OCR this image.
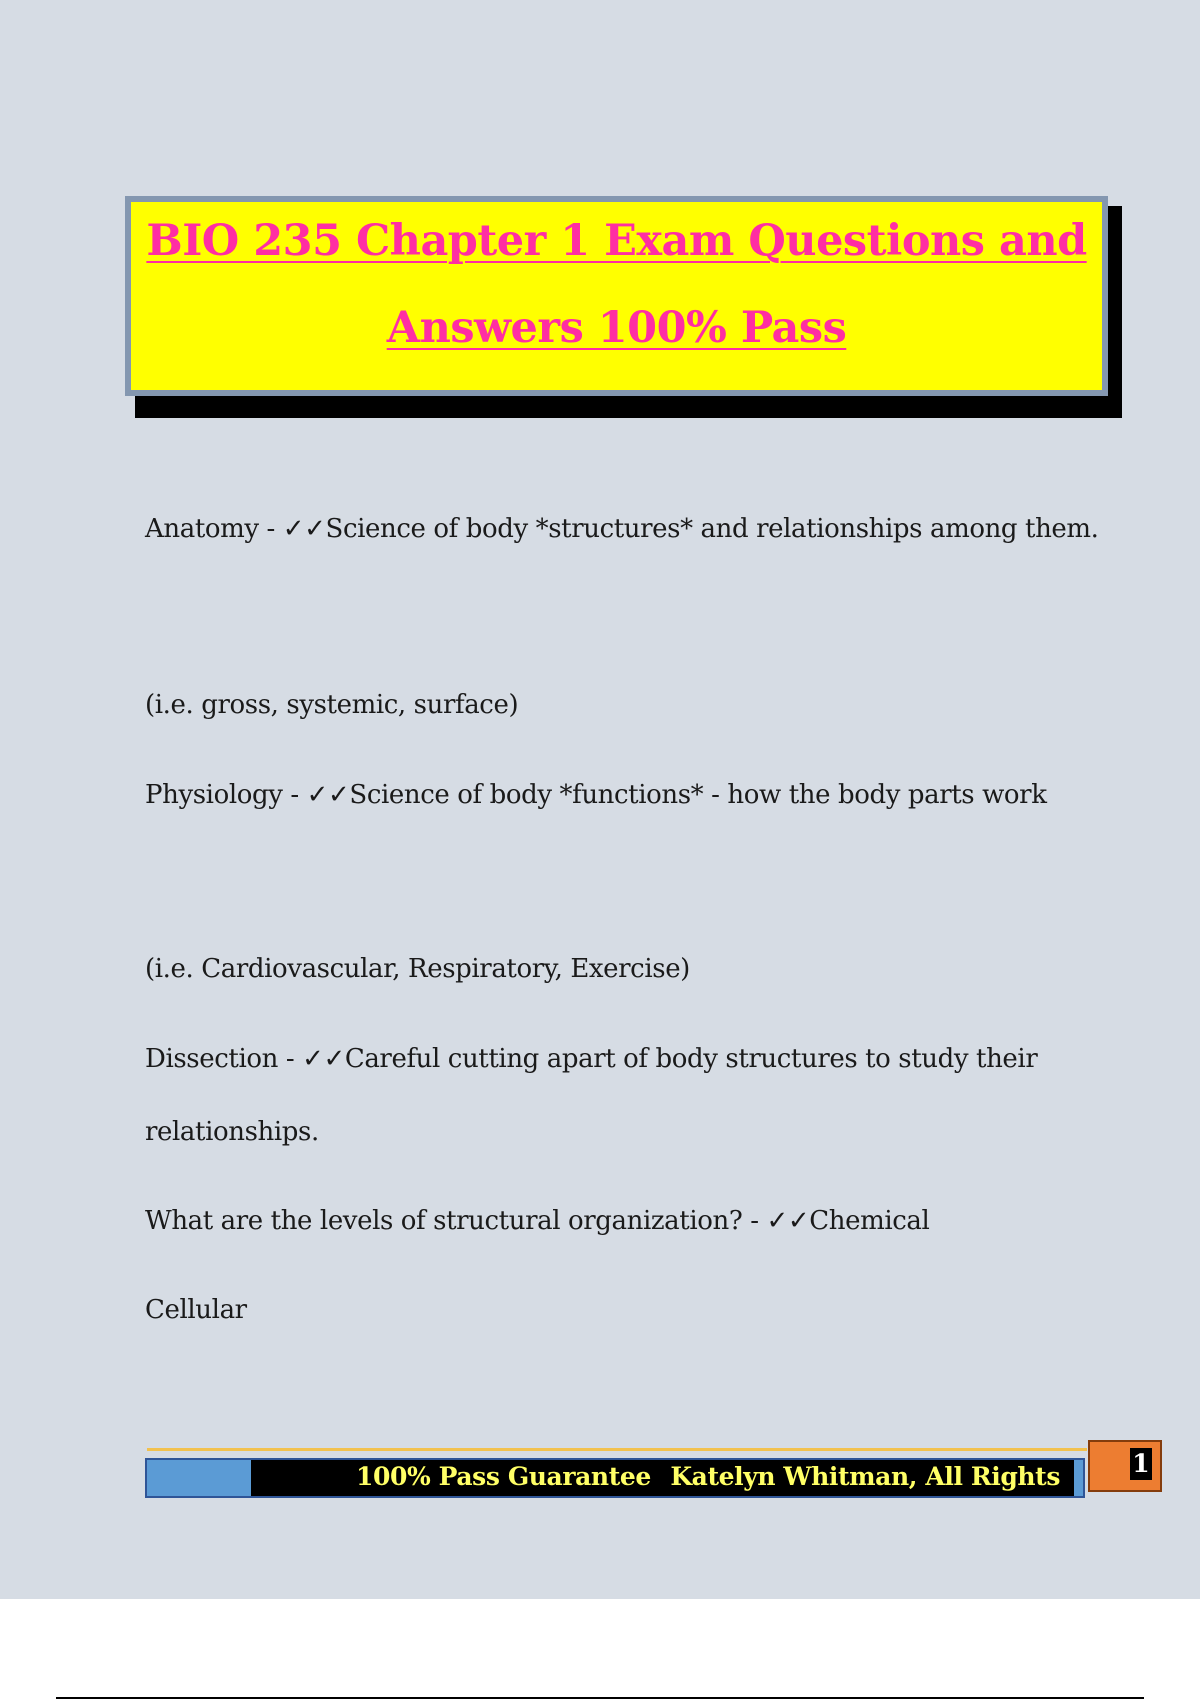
BIO 235 Chapter 1 Exam Questions and
Answers 100% Pass
Anatomy - ✓✓Science of body *structures* and relationships among them.
(i.e. gross, systemic, surface)
Physiology - ✓✓Science of body *functions* - how the body parts work
(i.e. Cardiovascular, Respiratory, Exercise)
Dissection - ✓✓Careful cutting apart of body structures to study their
relationships.
What are the levels of structural organization? - ✓✓Chemical
Cellular
100% Pass Guarantee Katelyn Whitman, All Rights	1
